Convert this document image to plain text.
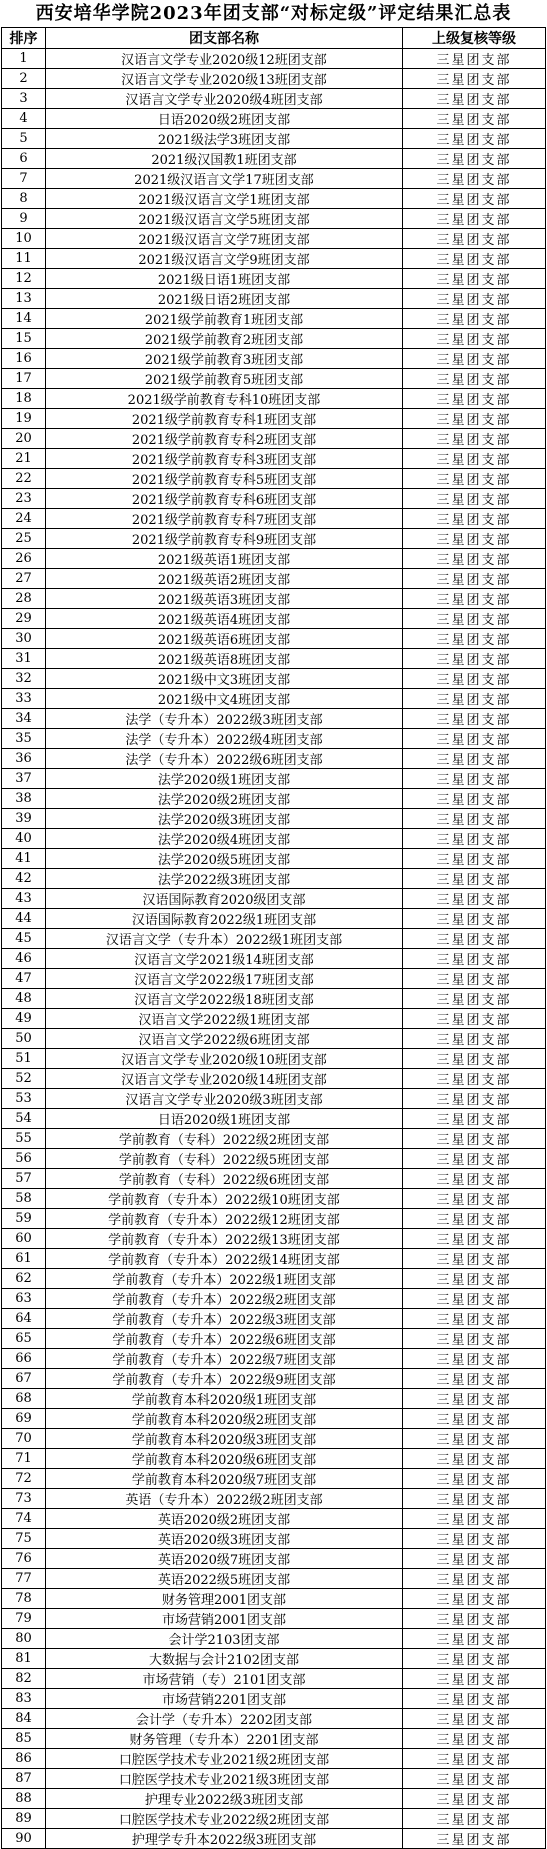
西安培华学院2023年团支部“对标定级”评定结果汇总表
排序	团支部名称	上级复核等级
1	汉语言文学专业2020级12班团支部	三星团支部
2	汉语言文学专业2020级13班团支部	三星团支部
3	汉语言文学专业2020级4班团支部	三星团支部
4	日语2020级2班团支部	三星团支部
5	2021级法学3班团支部	三星团支部
6	2021级汉国教1班团支部	三星团支部
7	2021级汉语言文学17班团支部	三星团支部
8	2021级汉语言文学1班团支部	三星团支部
9	2021级汉语言文学5班团支部	三星团支部
10	2021级汉语言文学7班团支部	三星团支部
11	2021级汉语言文学9班团支部	三星团支部
12	2021级日语1班团支部	三星团支部
13	2021级日语2班团支部	三星团支部
14	2021级学前教育1班团支部	三星团支部
15	2021级学前教育2班团支部	三星团支部
16	2021级学前教育3班团支部	三星团支部
17	2021级学前教育5班团支部	三星团支部
18	2021级学前教育专科10班团支部	三星团支部
19	2021级学前教育专科1班团支部	三星团支部
20	2021级学前教育专科2班团支部	三星团支部
21	2021级学前教育专科3班团支部	三星团支部
22	2021级学前教育专科5班团支部	三星团支部
23	2021级学前教育专科6班团支部	三星团支部
24	2021级学前教育专科7班团支部	三星团支部
25	2021级学前教育专科9班团支部	三星团支部
26	2021级英语1班团支部	三星团支部
27	2021级英语2班团支部	三星团支部
28	2021级英语3班团支部	三星团支部
29	2021级英语4班团支部	三星团支部
30	2021级英语6班团支部	三星团支部
31	2021级英语8班团支部	三星团支部
32	2021级中文3班团支部	三星团支部
33	2021级中文4班团支部	三星团支部
34	法学（专升本）2022级3班团支部	三星团支部
35	法学（专升本）2022级4班团支部	三星团支部
36	法学（专升本）2022级6班团支部	三星团支部
37	法学2020级1班团支部	三星团支部
38	法学2020级2班团支部	三星团支部
39	法学2020级3班团支部	三星团支部
40	法学2020级4班团支部	三星团支部
41	法学2020级5班团支部	三星团支部
42	法学2022级3班团支部	三星团支部
43	汉语国际教育2020级团支部	三星团支部
44	汉语国际教育2022级1班团支部	三星团支部
45	汉语言文学（专升本）2022级1班团支部	三星团支部
46	汉语言文学2021级14班团支部	三星团支部
47	汉语言文学2022级17班团支部	三星团支部
48	汉语言文学2022级18班团支部	三星团支部
49	汉语言文学2022级1班团支部	三星团支部
50	汉语言文学2022级6班团支部	三星团支部
51	汉语言文学专业2020级10班团支部	三星团支部
52	汉语言文学专业2020级14班团支部	三星团支部
53	汉语言文学专业2020级3班团支部	三星团支部
54	日语2020级1班团支部	三星团支部
55	学前教育（专科）2022级2班团支部	三星团支部
56	学前教育（专科）2022级5班团支部	三星团支部
57	学前教育（专科）2022级6班团支部	三星团支部
58	学前教育（专升本）2022级10班团支部	三星团支部
59	学前教育（专升本）2022级12班团支部	三星团支部
60	学前教育（专升本）2022级13班团支部	三星团支部
61	学前教育（专升本）2022级14班团支部	三星团支部
62	学前教育（专升本）2022级1班团支部	三星团支部
63	学前教育（专升本）2022级2班团支部	三星团支部
64	学前教育（专升本）2022级3班团支部	三星团支部
65	学前教育（专升本）2022级6班团支部	三星团支部
66	学前教育（专升本）2022级7班团支部	三星团支部
67	学前教育（专升本）2022级9班团支部	三星团支部
68	学前教育本科2020级1班团支部	三星团支部
69	学前教育本科2020级2班团支部	三星团支部
70	学前教育本科2020级3班团支部	三星团支部
71	学前教育本科2020级6班团支部	三星团支部
72	学前教育本科2020级7班团支部	三星团支部
73	英语（专升本）2022级2班团支部	三星团支部
74	英语2020级2班团支部	三星团支部
75	英语2020级3班团支部	三星团支部
76	英语2020级7班团支部	三星团支部
77	英语2022级5班团支部	三星团支部
78	财务管理2001团支部	三星团支部
79	市场营销2001团支部	三星团支部
80	会计学2103团支部	三星团支部
81	大数据与会计2102团支部	三星团支部
82	市场营销（专）2101团支部	三星团支部
83	市场营销2201团支部	三星团支部
84	会计学（专升本）2202团支部	三星团支部
85	财务管理（专升本）2201团支部	三星团支部
86	口腔医学技术专业2021级2班团支部	三星团支部
87	口腔医学技术专业2021级3班团支部	三星团支部
88	护理专业2022级3班团支部	三星团支部
89	口腔医学技术专业2022级2班团支部	三星团支部
90	护理学专升本2022级3班团支部	三星团支部
